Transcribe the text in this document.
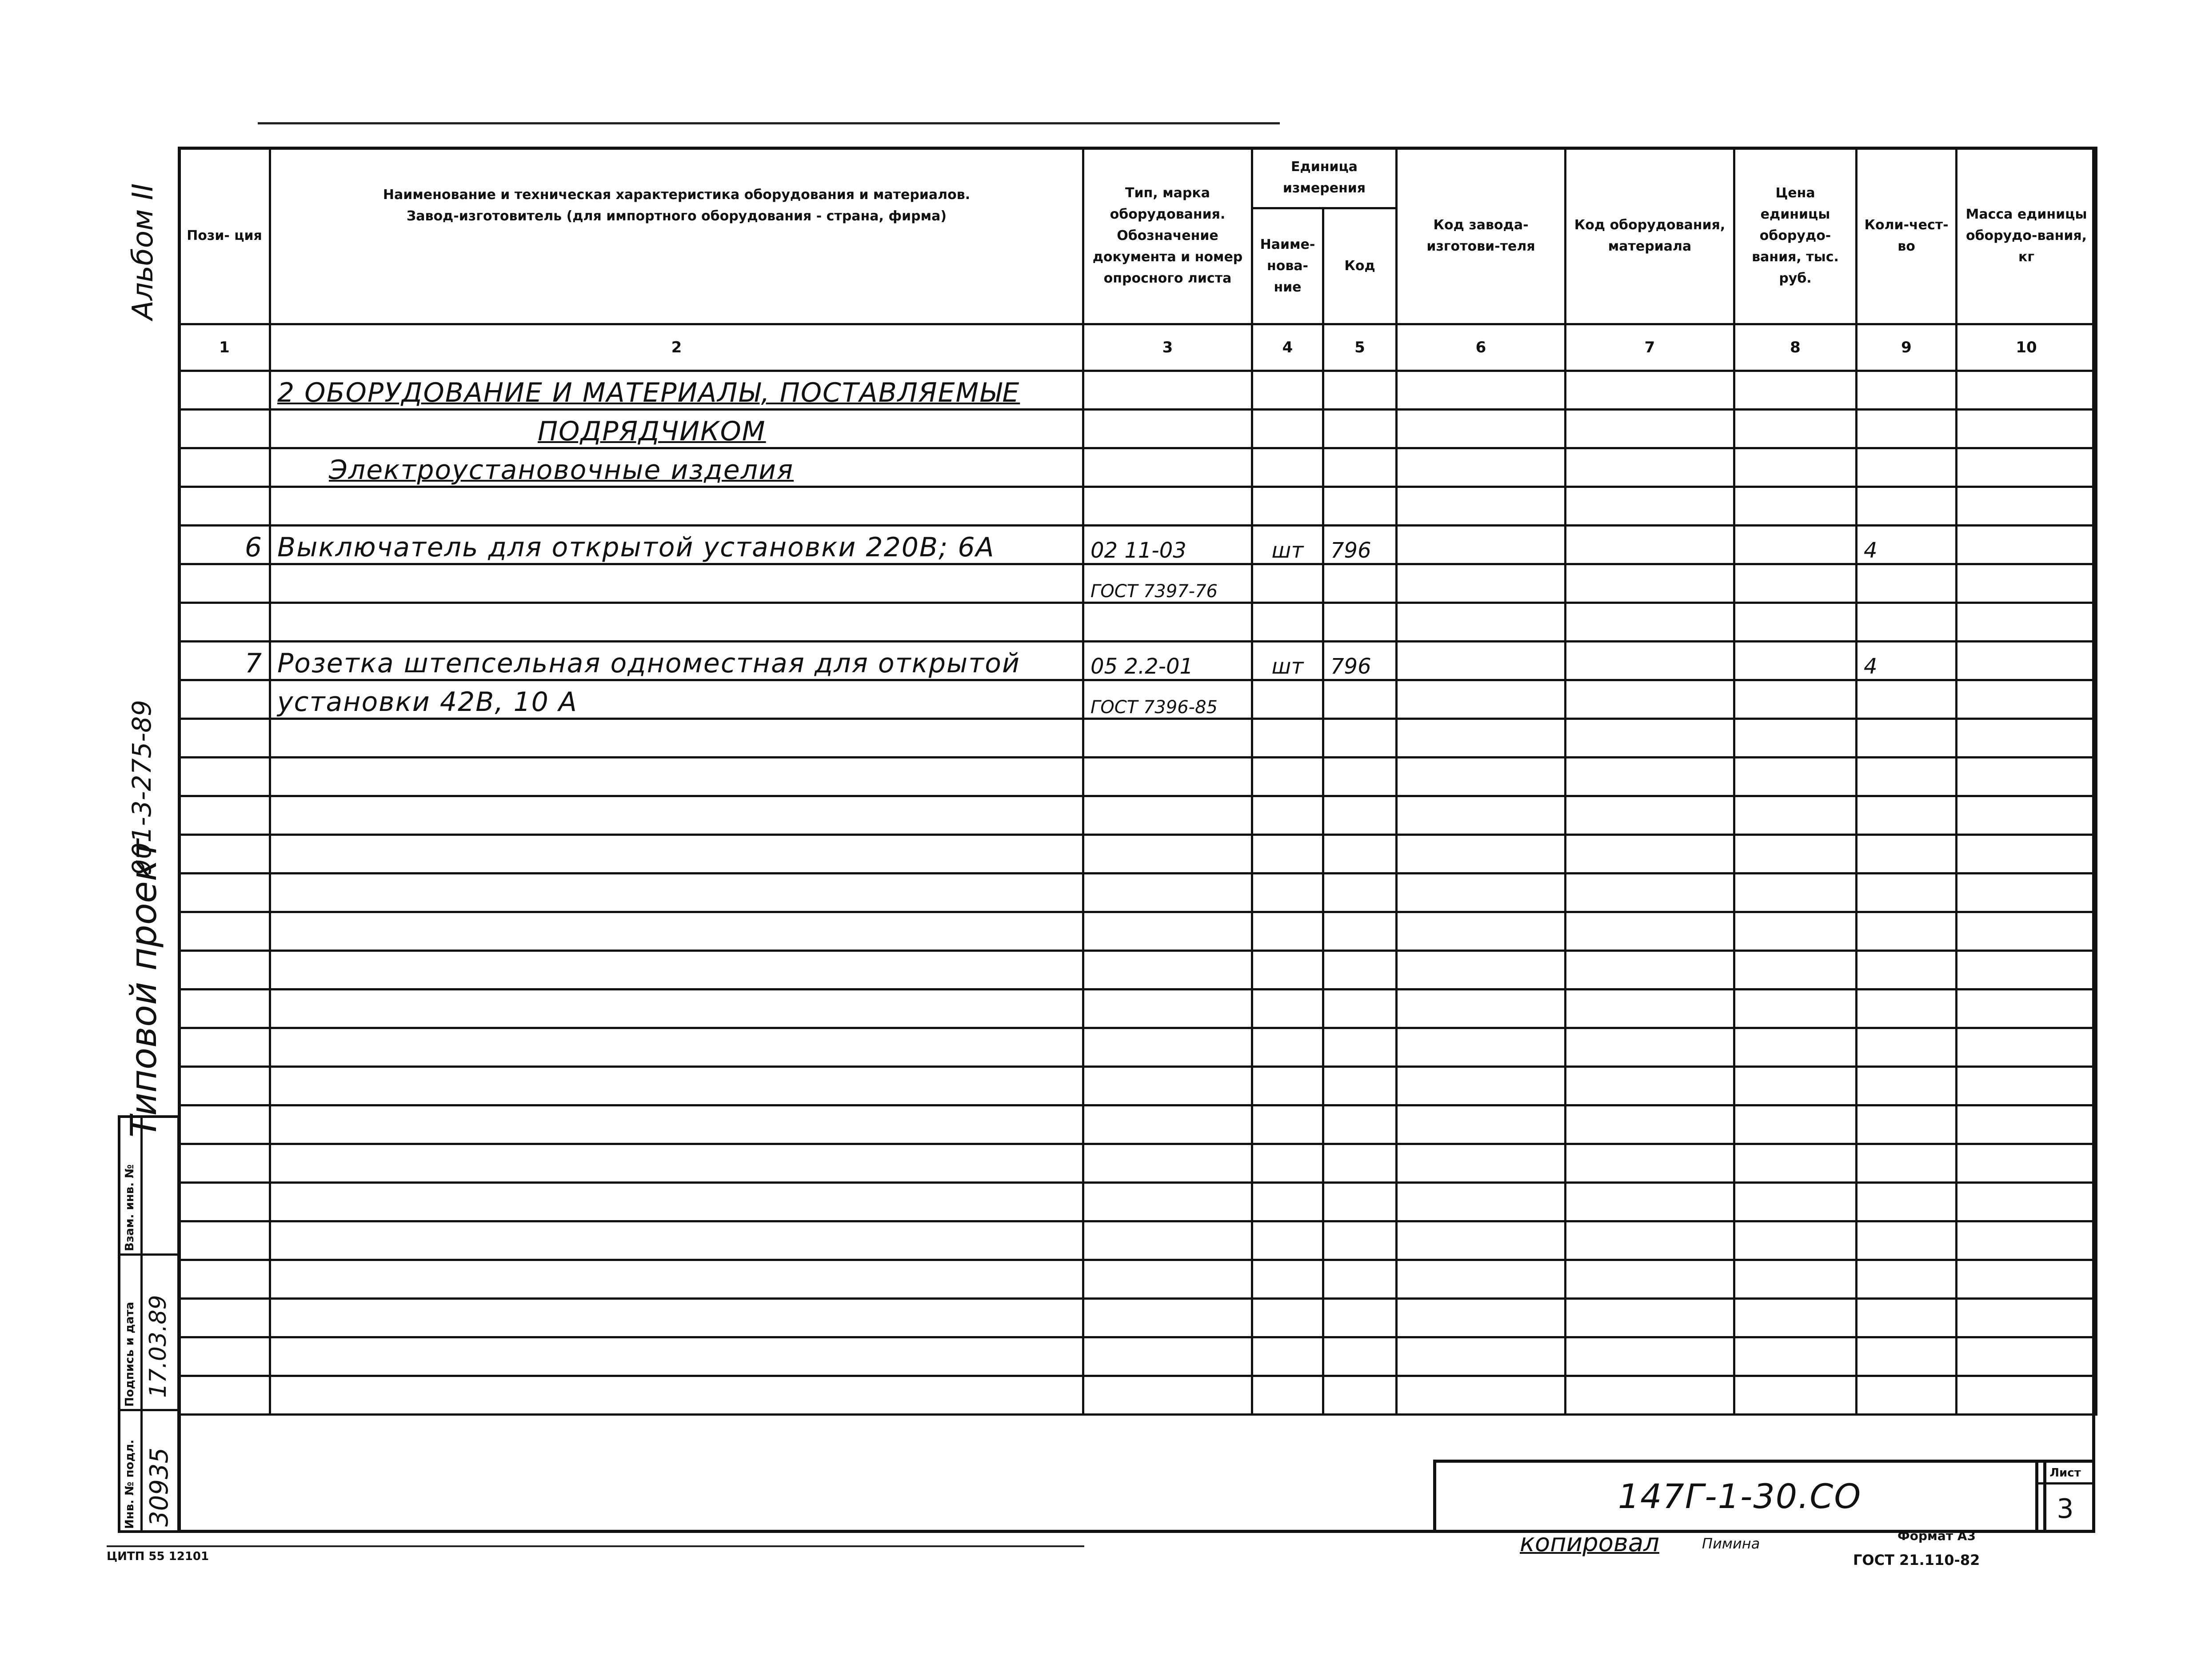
Пози- ция	Наименование и техническая характеристика оборудования и материалов.
Завод-изготовитель (для импортного оборудования - страна, фирма)	Тип, марка оборудования. Обозначение документа и номер опросного листа	Единица измерения		Код завода-изготови-теля	Код оборудования, материала	Цена единицы оборудо-вания, тыс. руб.	Коли-чест-во	Масса единицы оборудо-вания, кг
			Наиме-нова-ние	Код					
1	2	3	4	5	6	7	8	9	10
	2 ОБОРУДОВАНИЕ И МАТЕРИАЛЫ, ПОСТАВЛЯЕМЫЕ								
	ПОДРЯДЧИКОМ								
	Электроустановочные изделия								

6	Выключатель для открытой установки 220В; 6А	02 11-03	шт	796				4	
		ГОСТ 7397-76							

7	Розетка штепсельная одноместная для открытой	05 2.2-01	шт	796				4	
	установки 42В, 10 А	ГОСТ 7396-85							

Альбом II
901-3-275-89
Типовой проект
Взам. инв. №
Подпись и дата 17.03.89
Инв. № подл. 30935	147Г-1-30.СО
Лист
3
ЦИТП 55 12101	копировал	Пимина	Формат А3
ГОСТ 21.110-82
